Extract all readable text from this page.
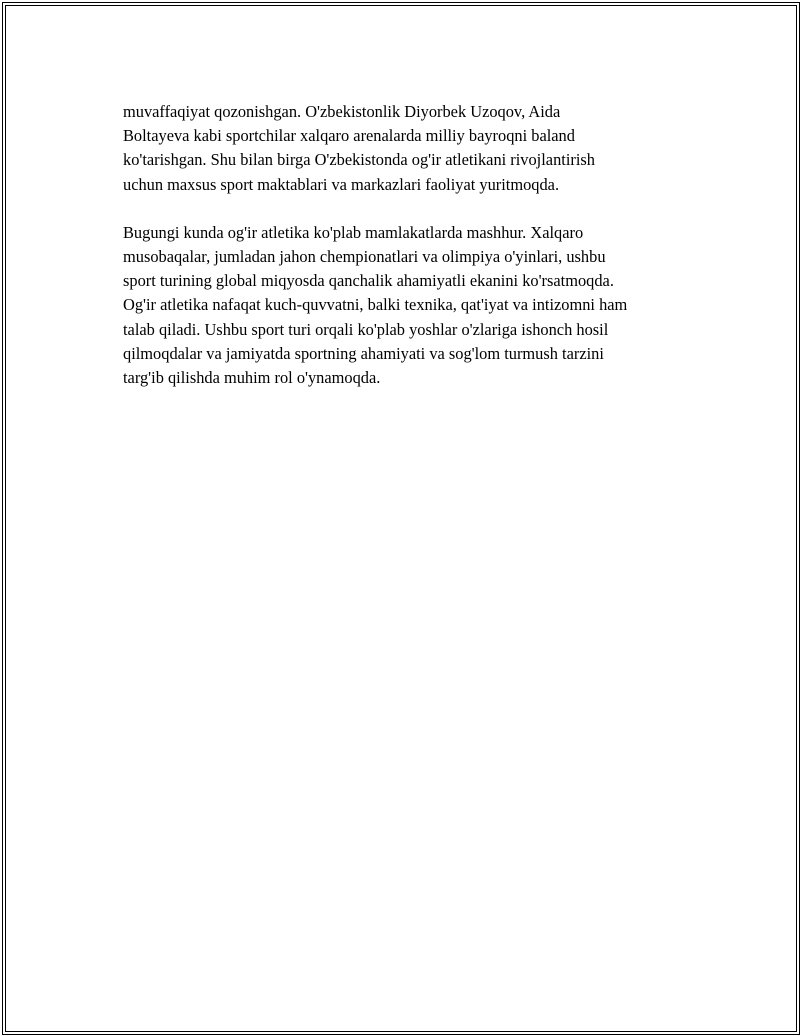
muvaffaqiyat qozonishgan. O'zbekistonlik Diyorbek Uzoqov, Aida
Boltayeva kabi sportchilar xalqaro arenalarda milliy bayroqni baland
ko'tarishgan. Shu bilan birga O'zbekistonda og'ir atletikani rivojlantirish
uchun maxsus sport maktablari va markazlari faoliyat yuritmoqda.

Bugungi kunda og'ir atletika ko'plab mamlakatlarda mashhur. Xalqaro
musobaqalar, jumladan jahon chempionatlari va olimpiya o'yinlari, ushbu
sport turining global miqyosda qanchalik ahamiyatli ekanini ko'rsatmoqda.
Og'ir atletika nafaqat kuch-quvvatni, balki texnika, qat'iyat va intizomni ham
talab qiladi. Ushbu sport turi orqali ko'plab yoshlar o'zlariga ishonch hosil
qilmoqdalar va jamiyatda sportning ahamiyati va sog'lom turmush tarzini
targ'ib qilishda muhim rol o'ynamoqda.
